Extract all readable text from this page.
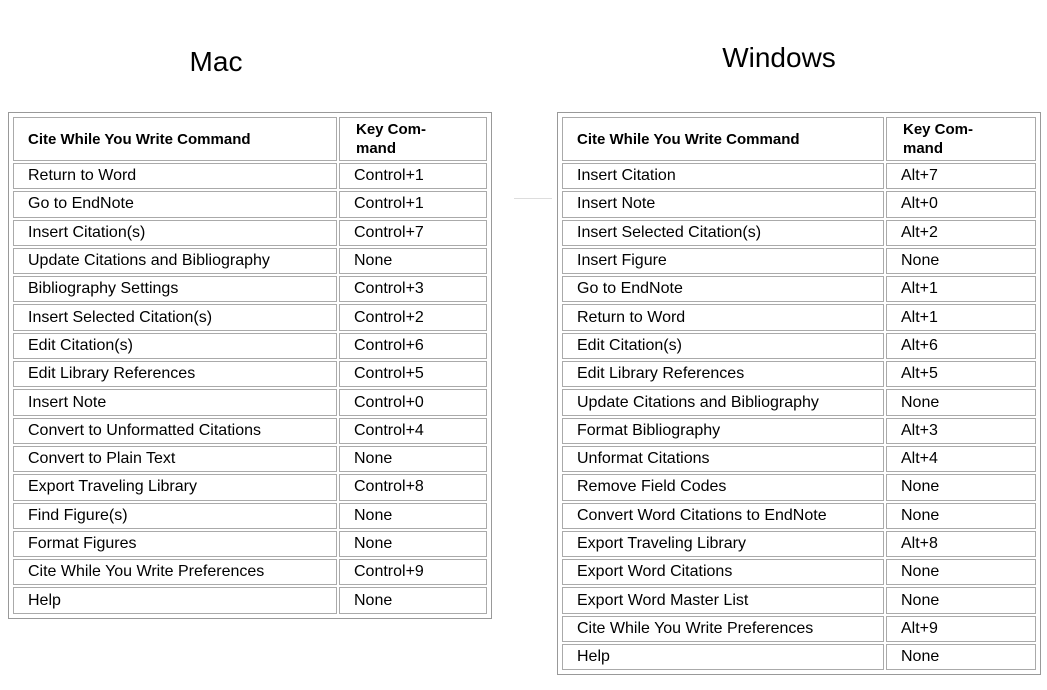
Mac	Windows
Cite While You Write Command	Key Com-
mand
Return to Word	Control+1
Go to EndNote	Control+1
Insert Citation(s)	Control+7
Update Citations and Bibliography	None
Bibliography Settings	Control+3
Insert Selected Citation(s)	Control+2
Edit Citation(s)	Control+6
Edit Library References	Control+5
Insert Note	Control+0
Convert to Unformatted Citations	Control+4
Convert to Plain Text	None
Export Traveling Library	Control+8
Find Figure(s)	None
Format Figures	None
Cite While You Write Preferences	Control+9
Help	None
Cite While You Write Command	Key Com-
mand
Insert Citation	Alt+7
Insert Note	Alt+0
Insert Selected Citation(s)	Alt+2
Insert Figure	None
Go to EndNote	Alt+1
Return to Word	Alt+1
Edit Citation(s)	Alt+6
Edit Library References	Alt+5
Update Citations and Bibliography	None
Format Bibliography	Alt+3
Unformat Citations	Alt+4
Remove Field Codes	None
Convert Word Citations to EndNote	None
Export Traveling Library	Alt+8
Export Word Citations	None
Export Word Master List	None
Cite While You Write Preferences	Alt+9
Help	None
